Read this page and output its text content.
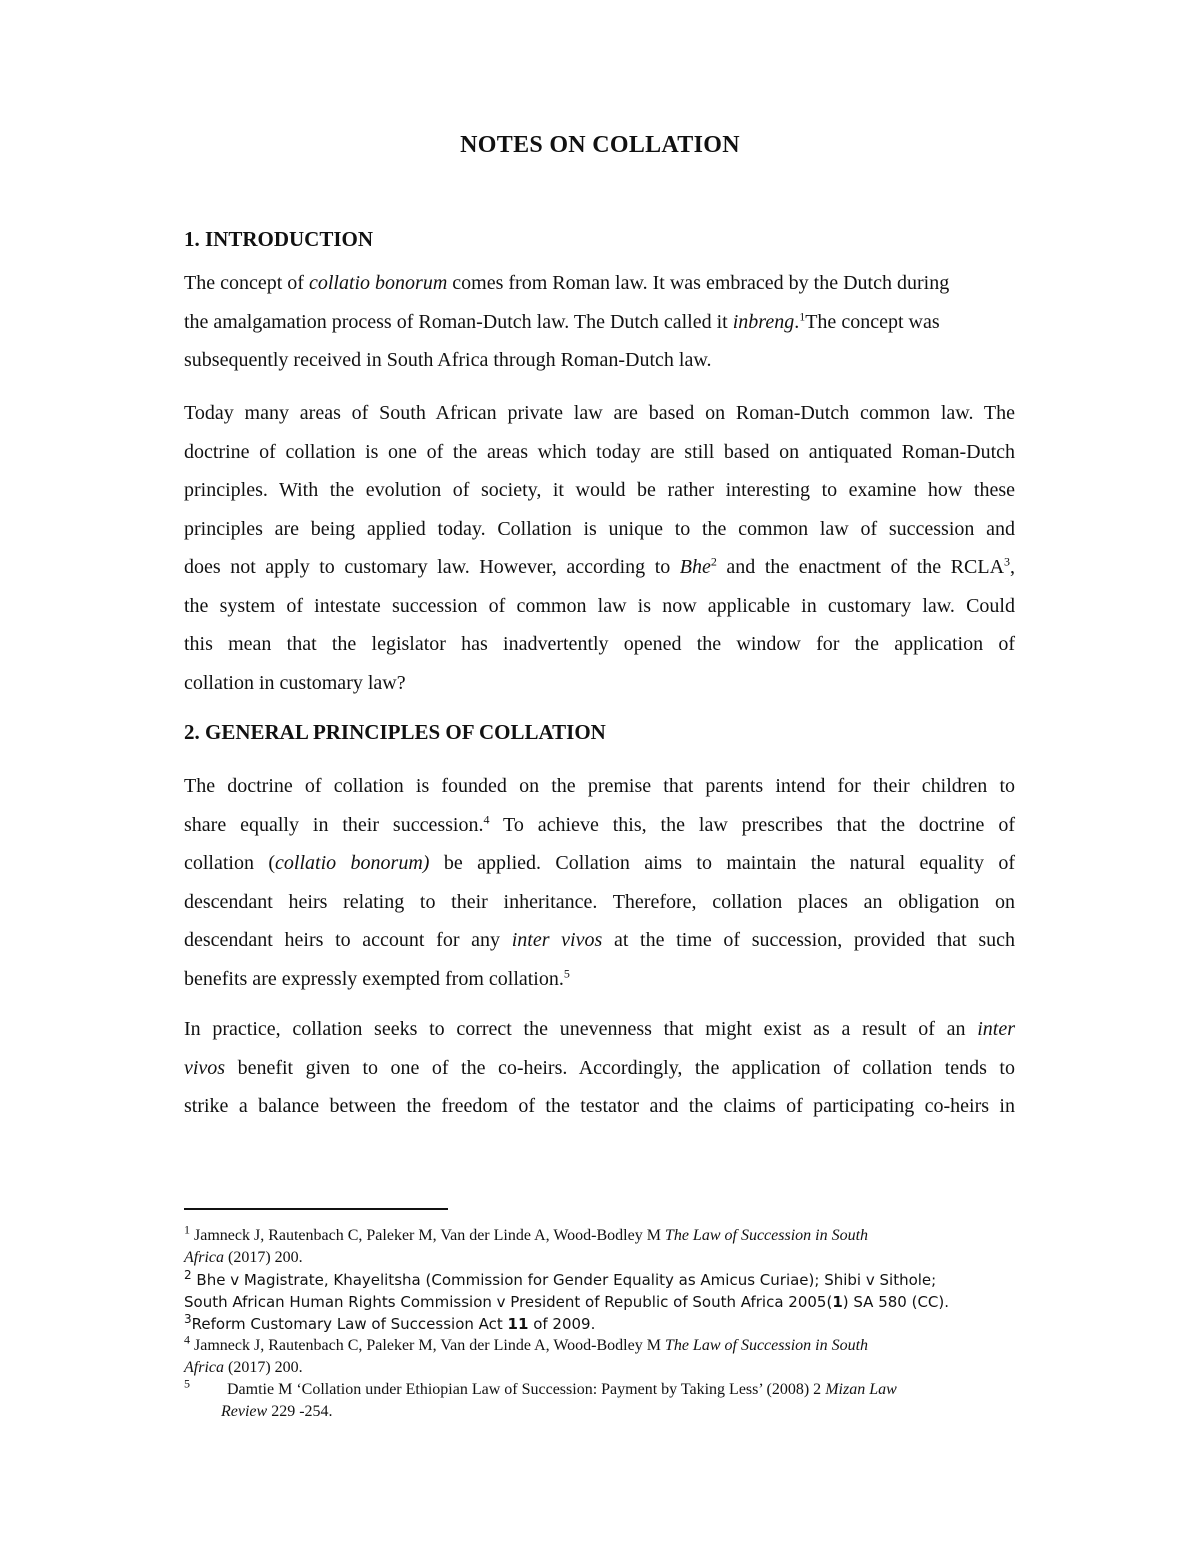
NOTES ON COLLATION
1. INTRODUCTION
The concept of collatio bonorum comes from Roman law. It was embraced by the Dutch during
the amalgamation process of Roman-Dutch law. The Dutch called it inbreng.$^1$The concept was
subsequently received in South Africa through Roman-Dutch law.
Today many areas of South African private law are based on Roman-Dutch common law. The
doctrine of collation is one of the areas which today are still based on antiquated Roman-Dutch
principles. With the evolution of society, it would be rather interesting to examine how these
principles are being applied today. Collation is unique to the common law of succession and
does not apply to customary law. However, according to Bhe$^2$ and the enactment of the RCLA$^3$,
the system of intestate succession of common law is now applicable in customary law. Could
this mean that the legislator has inadvertently opened the window for the application of
collation in customary law?
2. GENERAL PRINCIPLES OF COLLATION
The doctrine of collation is founded on the premise that parents intend for their children to
share equally in their succession.$^4$ To achieve this, the law prescribes that the doctrine of
collation (collatio bonorum) be applied. Collation aims to maintain the natural equality of
descendant heirs relating to their inheritance. Therefore, collation places an obligation on
descendant heirs to account for any inter vivos at the time of succession, provided that such
benefits are expressly exempted from collation.$^5$
In practice, collation seeks to correct the unevenness that might exist as a result of an inter
vivos benefit given to one of the co-heirs. Accordingly, the application of collation tends to
strike a balance between the freedom of the testator and the claims of participating co-heirs in
$^1$ Jamneck J, Rautenbach C, Paleker M, Van der Linde A, Wood-Bodley M The Law of Succession in South
Africa (2017) 200.
$^2$ Bhe v Magistrate, Khayelitsha (Commission for Gender Equality as Amicus Curiae); Shibi v Sithole;
South African Human Rights Commission v President of Republic of South Africa 2005(1) SA 580 (CC).
$^3$Reform Customary Law of Succession Act 11 of 2009.
$^4$ Jamneck J, Rautenbach C, Paleker M, Van der Linde A, Wood-Bodley M The Law of Succession in South
Africa (2017) 200.
$^5$ Damtie M ‘Collation under Ethiopian Law of Succession: Payment by Taking Less’ (2008) 2 Mizan Law
Review 229 -254.
